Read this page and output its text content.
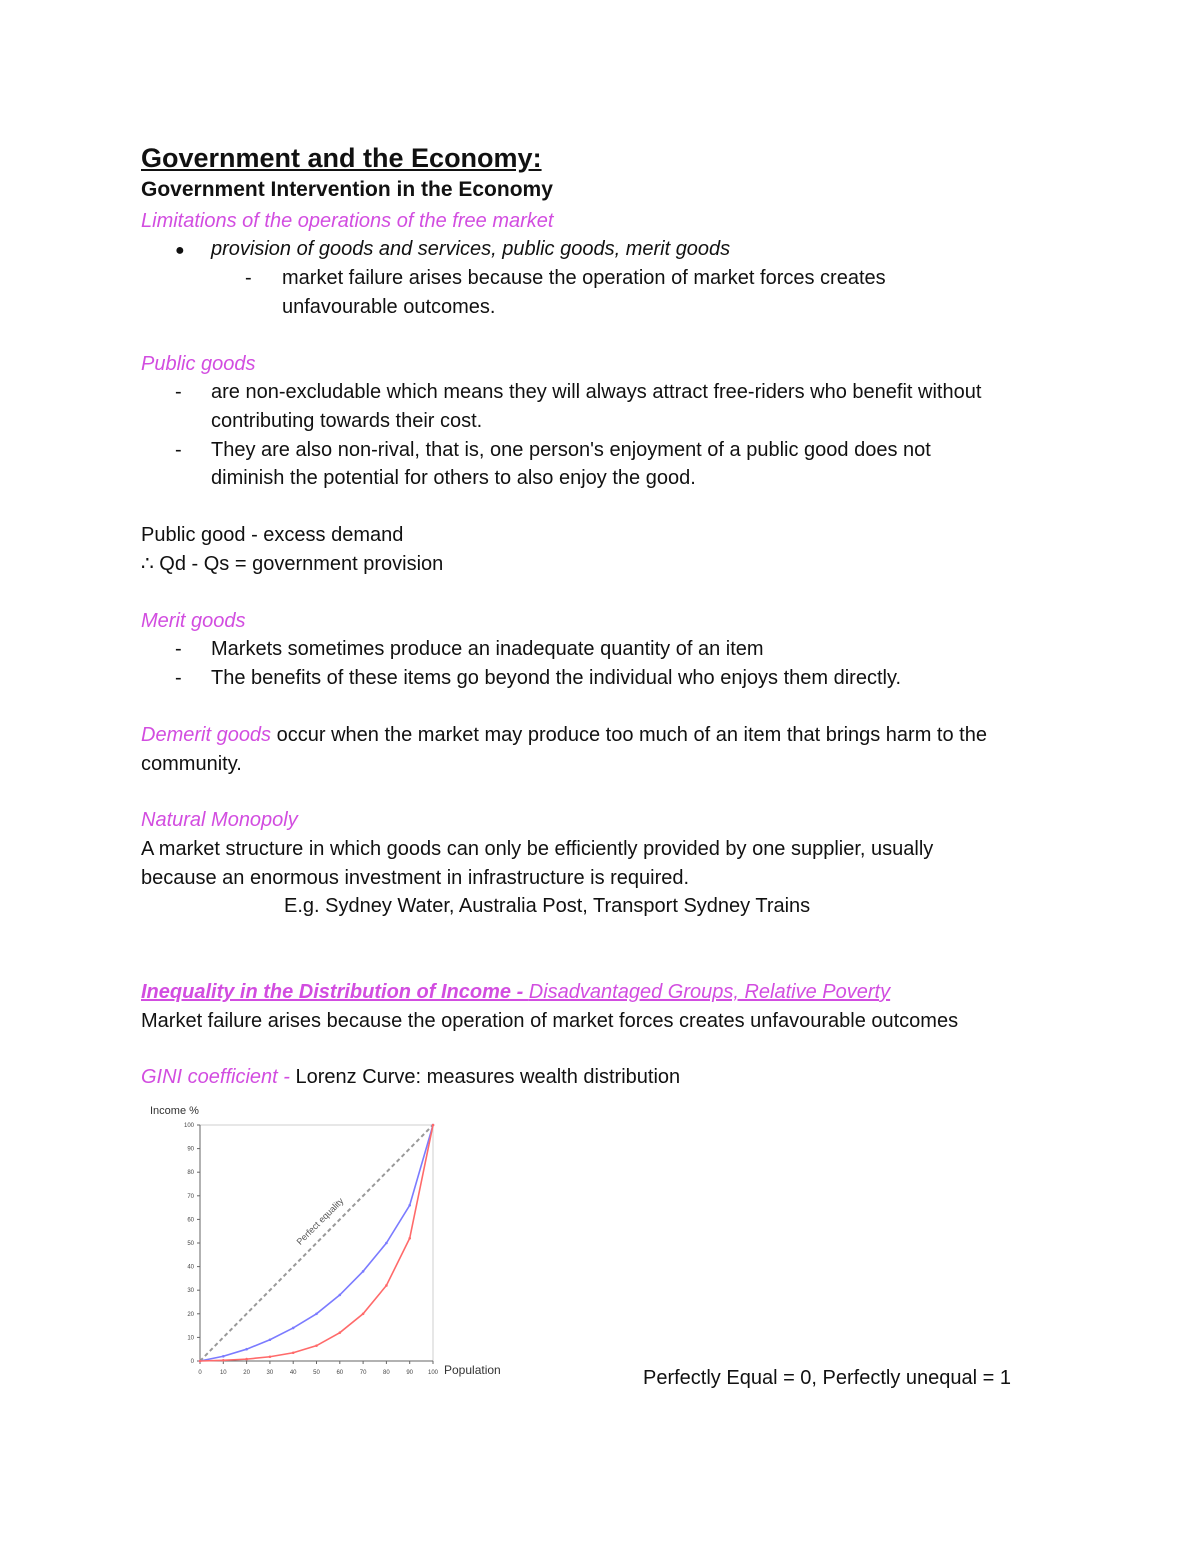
Government and the Economy:
Government Intervention in the Economy
Limitations of the operations of the free market
● provision of goods and services, public goods, merit goods
- market failure arises because the operation of market forces creates
unfavourable outcomes.
Public goods
- are non-excludable which means they will always attract free-riders who benefit without
contributing towards their cost.
- They are also non-rival, that is, one person's enjoyment of a public good does not
diminish the potential for others to also enjoy the good.
Public good - excess demand
∴ Qd - Qs = government provision
Merit goods
- Markets sometimes produce an inadequate quantity of an item
- The benefits of these items go beyond the individual who enjoys them directly.
Demerit goods occur when the market may produce too much of an item that brings harm to the
community.
Natural Monopoly
A market structure in which goods can only be efficiently provided by one supplier, usually
because an enormous investment in infrastructure is required.
E.g. Sydney Water, Australia Post, Transport Sydney Trains
Inequality in the Distribution of Income - Disadvantaged Groups, Relative Poverty
Market failure arises because the operation of market forces creates unfavourable outcomes
GINI coefficient - Lorenz Curve: measures wealth distribution
Income %
Population
0	10	20	30	40	50	60	70	80	90 100
0
10
20
30
40
50
60
70
80
90
100
Perfect equality
Perfectly Equal = 0, Perfectly unequal = 1
